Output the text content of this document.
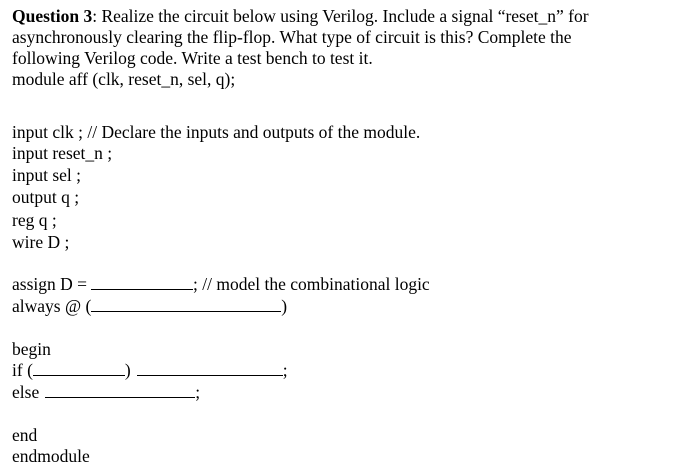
Question 3: Realize the circuit below using Verilog. Include a signal “reset_n” for

asynchronously clearing the flip-flop. What type of circuit is this? Complete the

following Verilog code. Write a test bench to test it.

module aff (clk, reset_n, sel, q);

input clk ; // Declare the inputs and outputs of the module.

input reset_n ;

input sel ;

output q ;

reg q ;

wire D ;

assign D =	; // model the combinational logic

always @ (	)

begin

if (	)	;

else	;

end

endmodule
